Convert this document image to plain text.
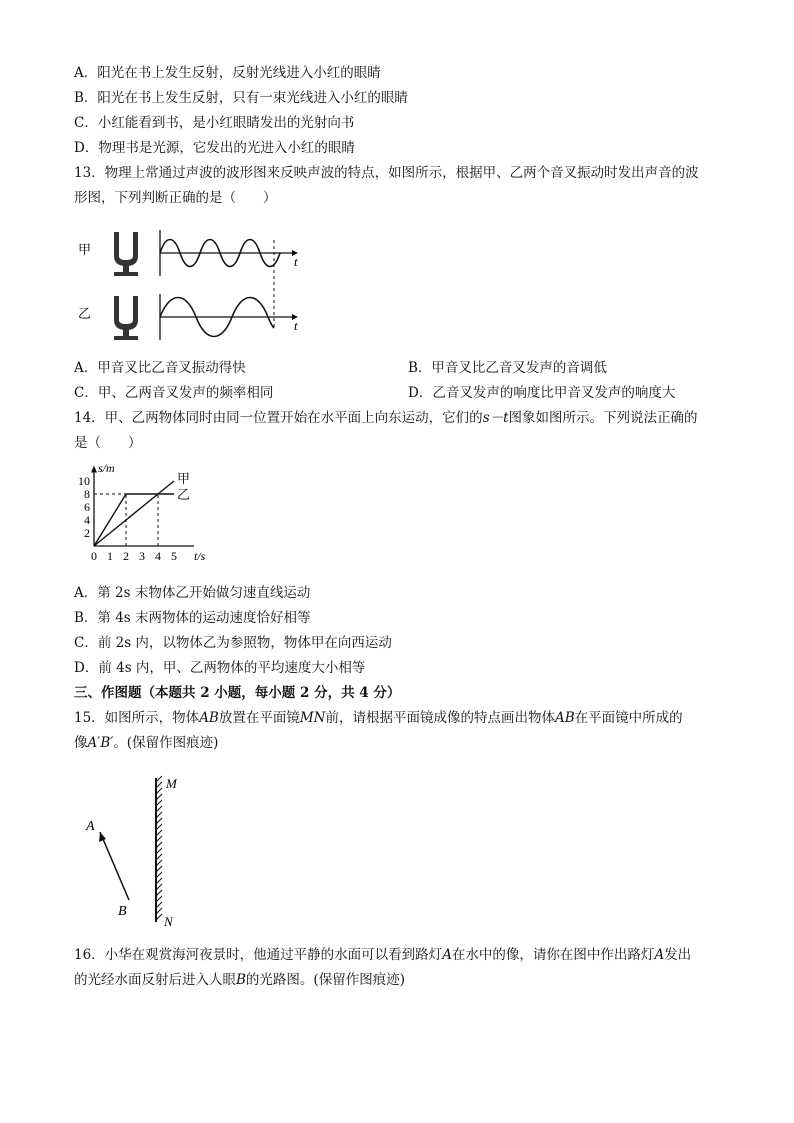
A．阳光在书上发生反射，反射光线进入小红的眼睛
B．阳光在书上发生反射，只有一束光线进入小红的眼睛
C．小红能看到书，是小红眼睛发出的光射向书
D．物理书是光源，它发出的光进入小红的眼睛
13．物理上常通过声波的波形图来反映声波的特点，如图所示，根据甲、乙两个音叉振动时发出声音的波
形图，下列判断正确的是（　　）
甲
t
乙
t
A．甲音叉比乙音叉振动得快	B．甲音叉比乙音叉发声的音调低
C．甲、乙两音叉发声的频率相同	D．乙音叉发声的响度比甲音叉发声的响度大
14．甲、乙两物体同时由同一位置开始在水平面上向东运动，它们的s－t图象如图所示。下列说法正确的
是（　　）
s/m
t/s
0 1 2 3 4 5
2
4
6
8
10	甲
乙
A．第 2s 末物体乙开始做匀速直线运动
B．第 4s 末两物体的运动速度恰好相等
C．前 2s 内，以物体乙为参照物，物体甲在向西运动
D．前 4s 内，甲、乙两物体的平均速度大小相等
三、作图题（本题共 2 小题，每小题 2 分，共 4 分）
15．如图所示，物体AB放置在平面镜MN前，请根据平面镜成像的特点画出物体AB在平面镜中所成的
像A′B′。(保留作图痕迹)
M
N
A
B
16．小华在观赏海河夜景时，他通过平静的水面可以看到路灯A在水中的像，请你在图中作出路灯A发出
的光经水面反射后进入人眼B的光路图。(保留作图痕迹)
